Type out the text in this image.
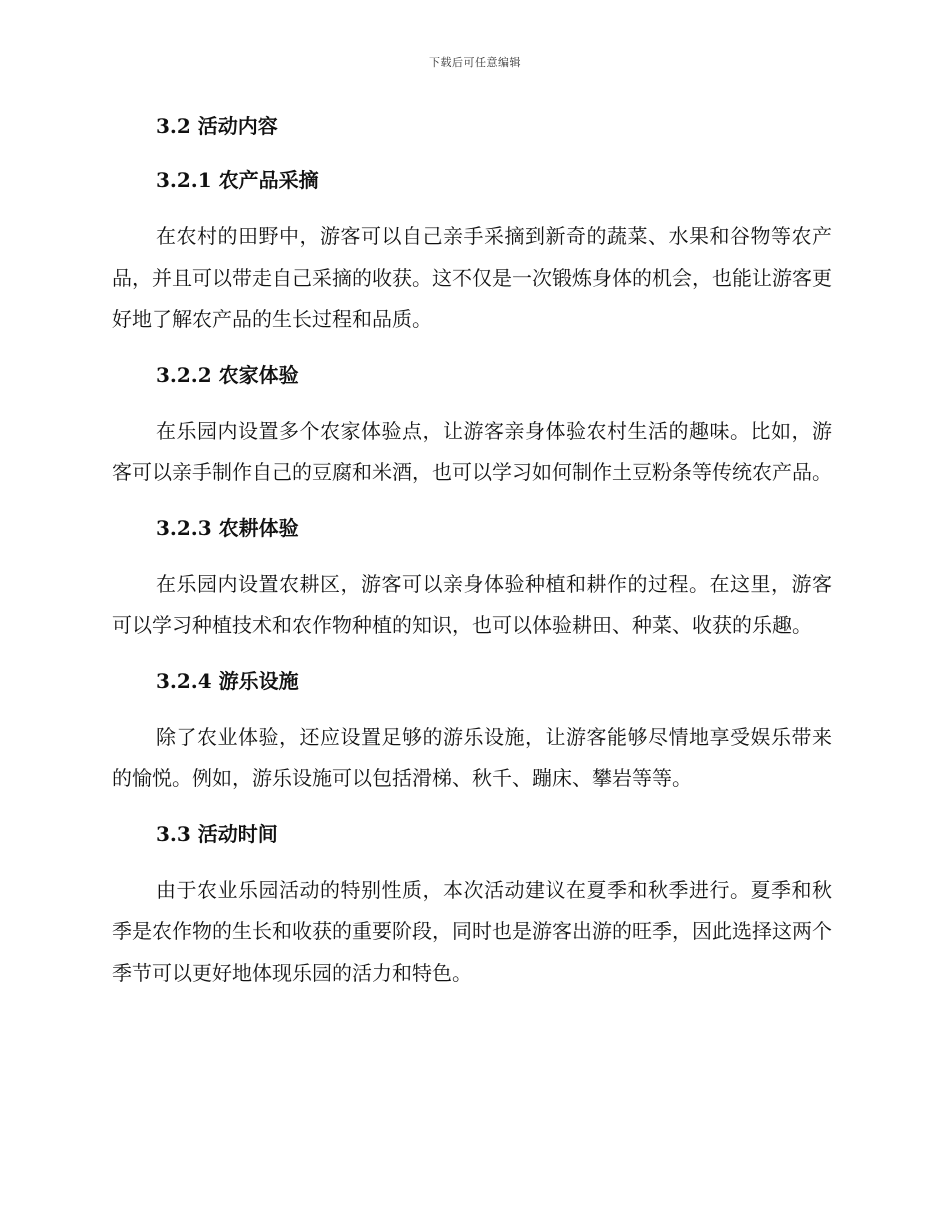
下载后可任意编辑
3.2 活动内容
3.2.1 农产品采摘

在农村的田野中，游客可以自己亲手采摘到新奇的蔬菜、水果和谷物等农产品，并且可以带走自己采摘的收获。这不仅是一次锻炼身体的机会，也能让游客更好地了解农产品的生长过程和品质。

3.2.2 农家体验

在乐园内设置多个农家体验点，让游客亲身体验农村生活的趣味。比如，游客可以亲手制作自己的豆腐和米酒，也可以学习如何制作土豆粉条等传统农产品。

3.2.3 农耕体验

在乐园内设置农耕区，游客可以亲身体验种植和耕作的过程。在这里，游客可以学习种植技术和农作物种植的知识，也可以体验耕田、种菜、收获的乐趣。

3.2.4 游乐设施

除了农业体验，还应设置足够的游乐设施，让游客能够尽情地享受娱乐带来的愉悦。例如，游乐设施可以包括滑梯、秋千、蹦床、攀岩等等。

3.3 活动时间

由于农业乐园活动的特别性质，本次活动建议在夏季和秋季进行。夏季和秋季是农作物的生长和收获的重要阶段，同时也是游客出游的旺季，因此选择这两个季节可以更好地体现乐园的活力和特色。
